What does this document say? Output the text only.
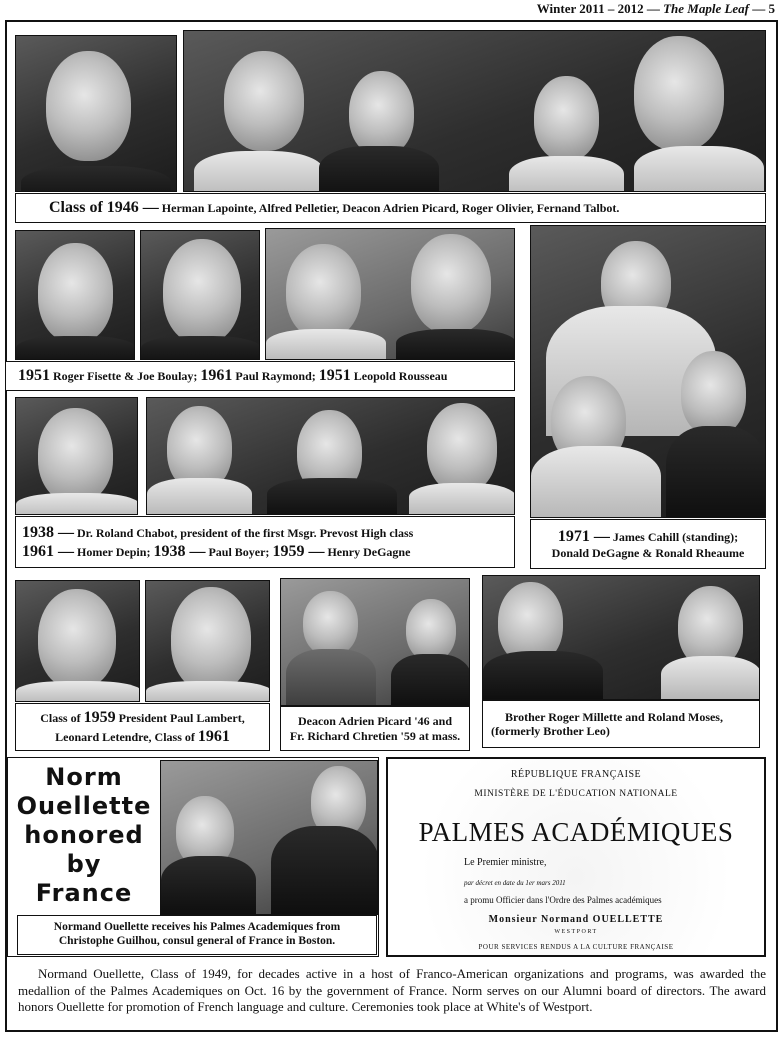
Winter 2011 – 2012 — The Maple Leaf — 5
Class of 1946 —
Herman Lapointe, Alfred Pelletier, Deacon Adrien Picard, Roger Olivier, Fernand Talbot.
1951
Roger Fisette & Joe Boulay;
1961
Paul Raymond;
1951
Leopold Rousseau
1971 — James Cahill (standing);
Donald DeGagne & Ronald Rheaume
1938 — Dr. Roland Chabot, president of the first Msgr. Prevost High class
1961 — Homer Depin; 1938 — Paul Boyer; 1959 — Henry DeGagne
Class of 1959 President Paul Lambert,
Leonard Letendre, Class of 1961
Deacon Adrien Picard '46 and
Fr. Richard Chretien '59 at mass.
Brother Roger Millette and Roland Moses,
(formerly Brother Leo)
Norm
Ouellette
honored
by
France
Normand Ouellette receives his Palmes Academiques from
Christophe Guilhou, consul general of France in Boston.
RÉPUBLIQUE FRANÇAISE
MINISTÈRE DE L'ÉDUCATION NATIONALE
PALMES ACADÉMIQUES
Le Premier ministre,
par décret en date du 1er mars 2011
a promu Officier dans l'Ordre des Palmes académiques
Monsieur Normand OUELLETTE
WESTPORT
POUR SERVICES RENDUS A LA CULTURE FRANÇAISE
Normand Ouellette, Class of 1949, for decades active in a host of Franco-American organizations and programs, was awarded the medallion of the Palmes Academiques on Oct. 16 by the government of France. Norm serves on our Alumni board of directors. The award honors Ouellette for promotion of French language and culture. Ceremonies took place at White's of Westport.
